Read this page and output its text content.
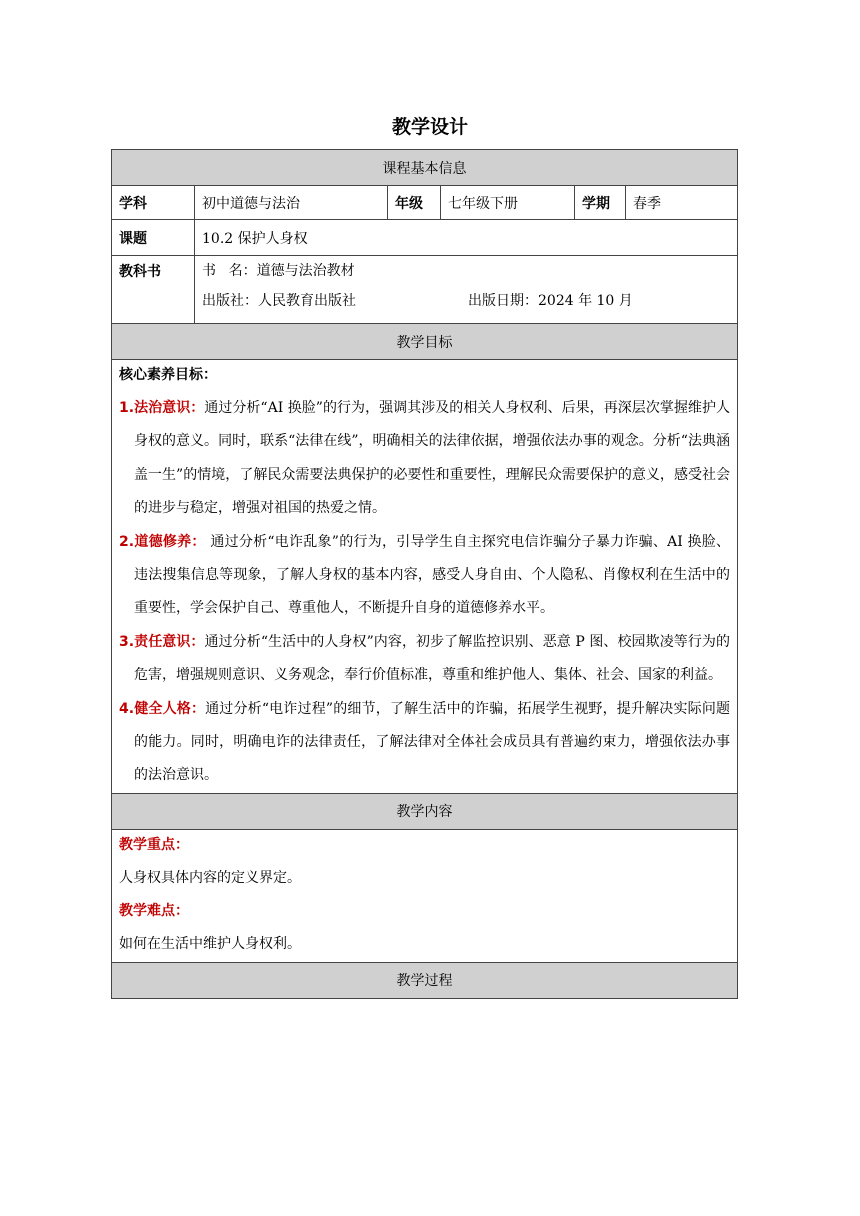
教学设计
课程基本信息					
学科	初中道德与法治	年级	七年级下册	学期	春季
课题	10.2 保护人身权				
教科书	书名：道德与法治教材
出版社：人民教育出版社 出版日期：2024 年 10 月				

教学目标					

核心素养目标：

1.法治意识：通过分析“AI 换脸”的行为，强调其涉及的相关人身权利、后果，再深层次掌握维护人身权的意义。同时，联系“法律在线”，明确相关的法律依据，增强依法办事的观念。分析“法典涵盖一生”的情境，了解民众需要法典保护的必要性和重要性，理解民众需要保护的意义，感受社会的进步与稳定，增强对祖国的热爱之情。

2.道德修养： 通过分析“电诈乱象”的行为，引导学生自主探究电信诈骗分子暴力诈骗、AI 换脸、违法搜集信息等现象，了解人身权的基本内容，感受人身自由、个人隐私、肖像权利在生活中的重要性，学会保护自己、尊重他人，不断提升自身的道德修养水平。

3.责任意识：通过分析“生活中的人身权”内容，初步了解监控识别、恶意 P 图、校园欺凌等行为的危害，增强规则意识、义务观念，奉行价值标准，尊重和维护他人、集体、社会、国家的利益。

4.健全人格：通过分析“电诈过程”的细节，了解生活中的诈骗，拓展学生视野，提升解决实际问题的能力。同时，明确电诈的法律责任，了解法律对全体社会成员具有普遍约束力，增强依法办事的法治意识。					

教学内容					

教学重点：
人身权具体内容的定义界定。
教学难点：
如何在生活中维护人身权利。					

教学过程					
